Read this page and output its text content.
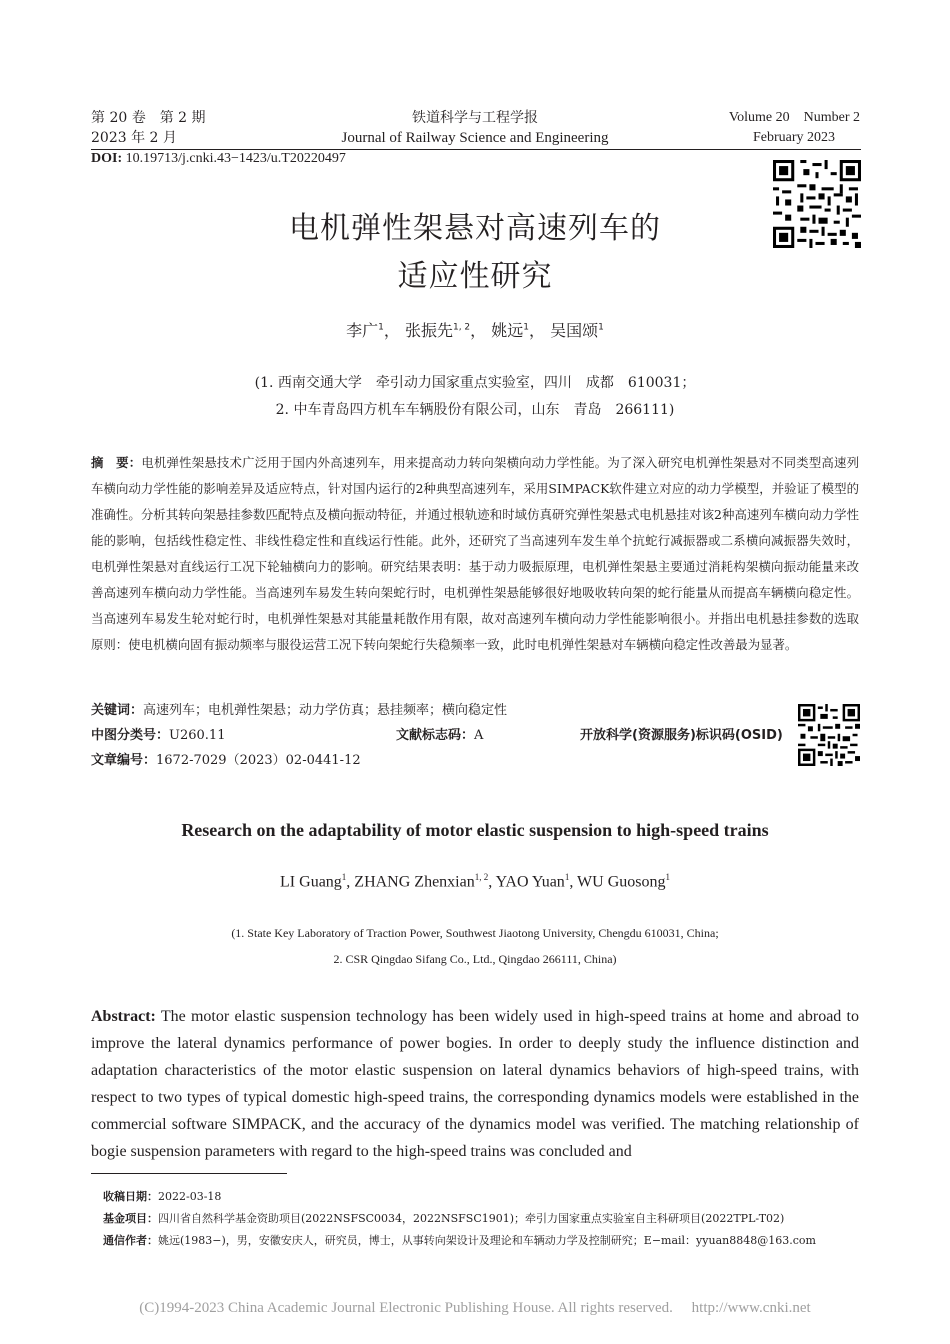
第 20 卷　第 2 期
2023 年 2 月
铁道科学与工程学报
Journal of Railway Science and Engineering
Volume 20　Number 2
February 2023
DOI: 10.19713/j.cnki.43−1423/u.T20220497
电机弹性架悬对高速列车的
适应性研究
李广$^1$， 张振先$^{1, 2}$， 姚远$^1$， 吴国颂$^1$
(1. 西南交通大学　牵引动力国家重点实验室，四川　成都　610031；
2. 中车青岛四方机车车辆股份有限公司，山东　青岛　266111)
摘　要：电机弹性架悬技术广泛用于国内外高速列车，用来提高动力转向架横向动力学性能。为了深入研究电机弹性架悬对不同类型高速列车横向动力学性能的影响差异及适应特点，针对国内运行的2种典型高速列车，采用SIMPACK软件建立对应的动力学模型，并验证了模型的准确性。分析其转向架悬挂参数匹配特点及横向振动特征，并通过根轨迹和时域仿真研究弹性架悬式电机悬挂对该2种高速列车横向动力学性能的影响，包括线性稳定性、非线性稳定性和直线运行性能。此外，还研究了当高速列车发生单个抗蛇行减振器或二系横向减振器失效时，电机弹性架悬对直线运行工况下轮轴横向力的影响。研究结果表明：基于动力吸振原理，电机弹性架悬主要通过消耗构架横向振动能量来改善高速列车横向动力学性能。当高速列车易发生转向架蛇行时，电机弹性架悬能够很好地吸收转向架的蛇行能量从而提高车辆横向稳定性。当高速列车易发生轮对蛇行时，电机弹性架悬对其能量耗散作用有限，故对高速列车横向动力学性能影响很小。并指出电机悬挂参数的选取原则：使电机横向固有振动频率与服役运营工况下转向架蛇行失稳频率一致，此时电机弹性架悬对车辆横向稳定性改善最为显著。
关键词：高速列车；电机弹性架悬；动力学仿真；悬挂频率；横向稳定性
中图分类号：U260.11	文献标志码：A	开放科学(资源服务)标识码(OSID)
文章编号：1672-7029（2023）02-0441-12
Research on the adaptability of motor elastic suspension to high-speed trains
LI Guang$^1$, ZHANG Zhenxian$^{1, 2}$, YAO Yuan$^1$, WU Guosong$^1$
(1. State Key Laboratory of Traction Power, Southwest Jiaotong University, Chengdu 610031, China;
2. CSR Qingdao Sifang Co., Ltd., Qingdao 266111, China)
Abstract: The motor elastic suspension technology has been widely used in high-speed trains at home and abroad to improve the lateral dynamics performance of power bogies. In order to deeply study the influence distinction and adaptation characteristics of the motor elastic suspension on lateral dynamics behaviors of high-speed trains, with respect to two types of typical domestic high-speed trains, the corresponding dynamics models were established in the commercial software SIMPACK, and the accuracy of the dynamics model was verified. The matching relationship of bogie suspension parameters with regard to the high-speed trains was concluded and
收稿日期：2022-03-18
基金项目：四川省自然科学基金资助项目(2022NSFSC0034，2022NSFSC1901)；牵引力国家重点实验室自主科研项目(2022TPL-T02)
通信作者：姚远(1983−)，男，安徽安庆人，研究员，博士，从事转向架设计及理论和车辆动力学及控制研究；E−mail：yyuan8848@163.com
(C)1994-2023 China Academic Journal Electronic Publishing House. All rights reserved.　 http://www.cnki.net
